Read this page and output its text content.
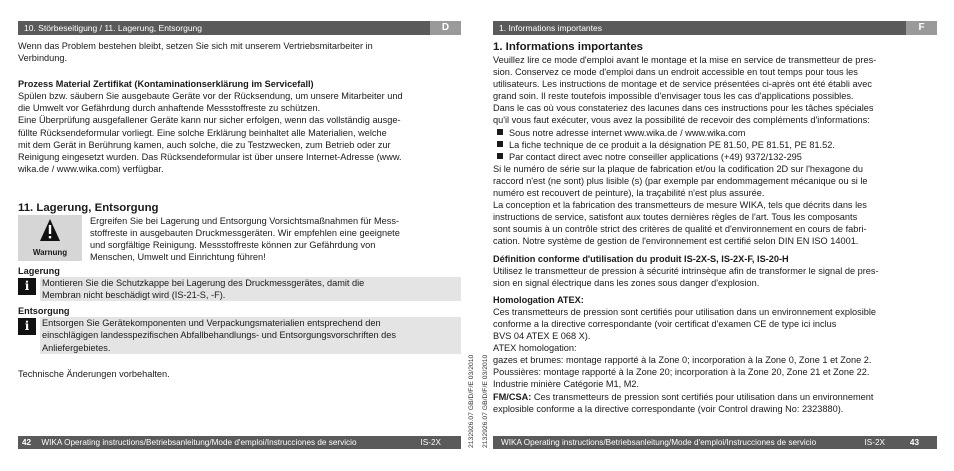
10. Störbeseitigung / 11. Lagerung, Entsorgung	D
Wenn das Problem bestehen bleibt, setzen Sie sich mit unserem Vertriebsmitarbeiter in
Verbindung.
Prozess Material Zertifikat (Kontaminationserklärung im Servicefall)
Spülen bzw. säubern Sie ausgebaute Geräte vor der Rücksendung, um unsere Mitarbeiter und
die Umwelt vor Gefährdung durch anhaftende Messstoffreste zu schützen.
Eine Überprüfung ausgefallener Geräte kann nur sicher erfolgen, wenn das vollständig ausge-
füllte Rücksendeformular vorliegt. Eine solche Erklärung beinhaltet alle Materialien, welche
mit dem Gerät in Berührung kamen, auch solche, die zu Testzwecken, zum Betrieb oder zur
Reinigung eingesetzt wurden. Das Rücksendeformular ist über unsere Internet-Adresse (www.
wika.de / www.wika.com) verfügbar.
11. Lagerung, Entsorgung
Warnung
Ergreifen Sie bei Lagerung und Entsorgung Vorsichtsmaßnahmen für Mess-
stoffreste in ausgebauten Druckmessgeräten. Wir empfehlen eine geeignete
und sorgfältige Reinigung. Messstoffreste können zur Gefährdung von
Menschen, Umwelt und Einrichtung führen!
Lagerung
i	Montieren Sie die Schutzkappe bei Lagerung des Druckmessgerätes, damit die
Membran nicht beschädigt wird (IS-21-S, -F).
Entsorgung
i	Entsorgen Sie Gerätekomponenten und Verpackungsmaterialien entsprechend den
einschlägigen landesspezifischen Abfallbehandlungs- und Entsorgungsvorschriften des
Anliefergebietes.
Technische Änderungen vorbehalten.
42 WIKA Operating instructions/Betriebsanleitung/Mode d'emploi/Instrucciones de servicio	IS-2X	2132926.07 GB/D/F/E 03/2010 2132926.07 GB/D/F/E 03/2010
1. Informations importantes	F
1. Informations importantes
Veuillez lire ce mode d'emploi avant le montage et la mise en service de transmetteur de pres-
sion. Conservez ce mode d'emploi dans un endroit accessible en tout temps pour tous les
utilisateurs. Les instructions de montage et de service présentées ci-après ont été établi avec
grand soin. Il reste toutefois impossible d'envisager tous les cas d'applications possibles.
Dans le cas où vous constateriez des lacunes dans ces instructions pour les tâches spéciales
qu'il vous faut exécuter, vous avez la possibilité de recevoir des compléments d'informations:
Sous notre adresse internet www.wika.de / www.wika.com
La fiche technique de ce produit a la désignation PE 81.50, PE 81.51, PE 81.52.
Par contact direct avec notre conseiller applications (+49) 9372/132-295
Si le numéro de série sur la plaque de fabrication et/ou la codification 2D sur l'hexagone du
raccord n'est (ne sont) plus lisible (s) (par exemple par endommagement mécanique ou si le
numéro est recouvert de peinture), la traçabilité n'est plus assurée.
La conception et la fabrication des transmetteurs de mesure WIKA, tels que décrits dans les
instructions de service, satisfont aux toutes dernières règles de l'art. Tous les composants
sont soumis à un contrôle strict des critères de qualité et d'environnement en cours de fabri-
cation. Notre système de gestion de l'environnement est certifié selon DIN EN ISO 14001.
Définition conforme d'utilisation du produit IS-2X-S, IS-2X-F, IS-20-H
Utilisez le transmetteur de pression à sécurité intrinsèque afin de transformer le signal de pres-
sion en signal électrique dans les zones sous danger d'explosion.
Homologation ATEX:
Ces transmetteurs de pression sont certifiés pour utilisation dans un environnement explosible
conforme a la directive correspondante (voir certificat d'examen CE de type ici inclus
BVS 04 ATEX E 068 X).
ATEX homologation:
gazes et brumes: montage rapporté à la Zone 0; incorporation à la Zone 0, Zone 1 et Zone 2.
Poussières: montage rapporté à la Zone 20; incorporation à la Zone 20, Zone 21 et Zone 22.
Industrie minière Catégorie M1, M2.
FM/CSA: Ces transmetteurs de pression sont certifiés pour utilisation dans un environnement
explosible conforme a la directive correspondante (voir Control drawing No: 2323880).
WIKA Operating instructions/Betriebsanleitung/Mode d'emploi/Instrucciones de servicio	IS-2X	43
